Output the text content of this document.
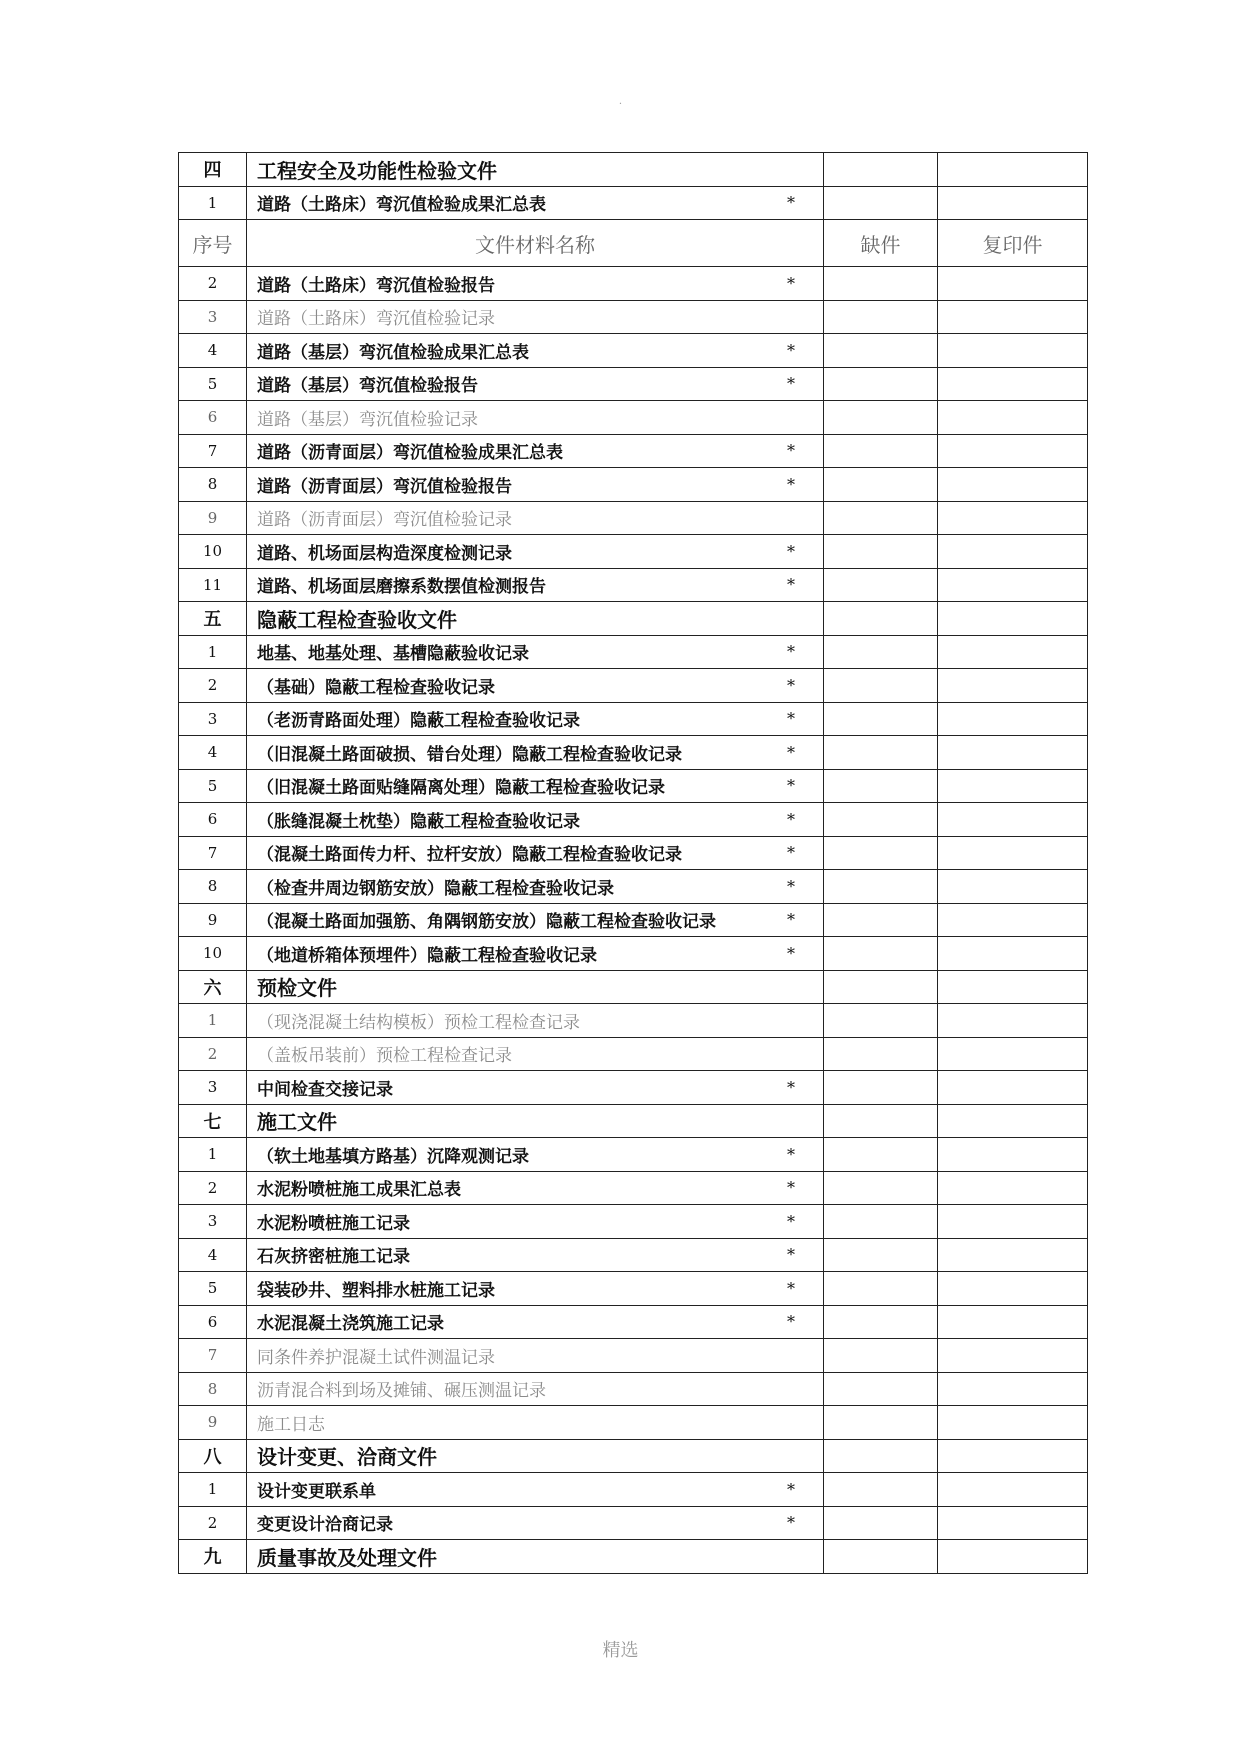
.
四	工程安全及功能性检验文件		

1	道路（土路床）弯沉值检验成果汇总表 *		

序号	文件材料名称	缺件	复印件
2	道路（土路床）弯沉值检验报告 *		

3	道路（土路床）弯沉值检验记录		

4	道路（基层）弯沉值检验成果汇总表 *		

5	道路（基层）弯沉值检验报告 *		

6	道路（基层）弯沉值检验记录		

7	道路（沥青面层）弯沉值检验成果汇总表 *		

8	道路（沥青面层）弯沉值检验报告 *		

9	道路（沥青面层）弯沉值检验记录		

10	道路、机场面层构造深度检测记录 *		

11	道路、机场面层磨擦系数摆值检测报告 *		

五	隐蔽工程检查验收文件		

1	地基、地基处理、基槽隐蔽验收记录 *		

2	（基础）隐蔽工程检查验收记录 *		

3	（老沥青路面处理）隐蔽工程检查验收记录 *		

4	（旧混凝土路面破损、错台处理）隐蔽工程检查验收记录 *		

5	（旧混凝土路面贴缝隔离处理）隐蔽工程检查验收记录 *		

6	（胀缝混凝土枕垫）隐蔽工程检查验收记录 *		

7	（混凝土路面传力杆、拉杆安放）隐蔽工程检查验收记录 *		

8	（检查井周边钢筋安放）隐蔽工程检查验收记录 *		

9	（混凝土路面加强筋、角隅钢筋安放）隐蔽工程检查验收记录 *		

10	（地道桥箱体预埋件）隐蔽工程检查验收记录 *		

六	预检文件		

1	（现浇混凝土结构模板）预检工程检查记录		

2	（盖板吊装前）预检工程检查记录		

3	中间检查交接记录 *		

七	施工文件		

1	（软土地基填方路基）沉降观测记录 *		

2	水泥粉喷桩施工成果汇总表 *		

3	水泥粉喷桩施工记录 *		

4	石灰挤密桩施工记录 *		

5	袋装砂井、塑料排水桩施工记录 *		

6	水泥混凝土浇筑施工记录 *		

7	同条件养护混凝土试件测温记录		

8	沥青混合料到场及摊铺、碾压测温记录		

9	施工日志		

八	设计变更、洽商文件		

1	设计变更联系单 *		

2	变更设计洽商记录 *		

九	质量事故及处理文件		

精选
